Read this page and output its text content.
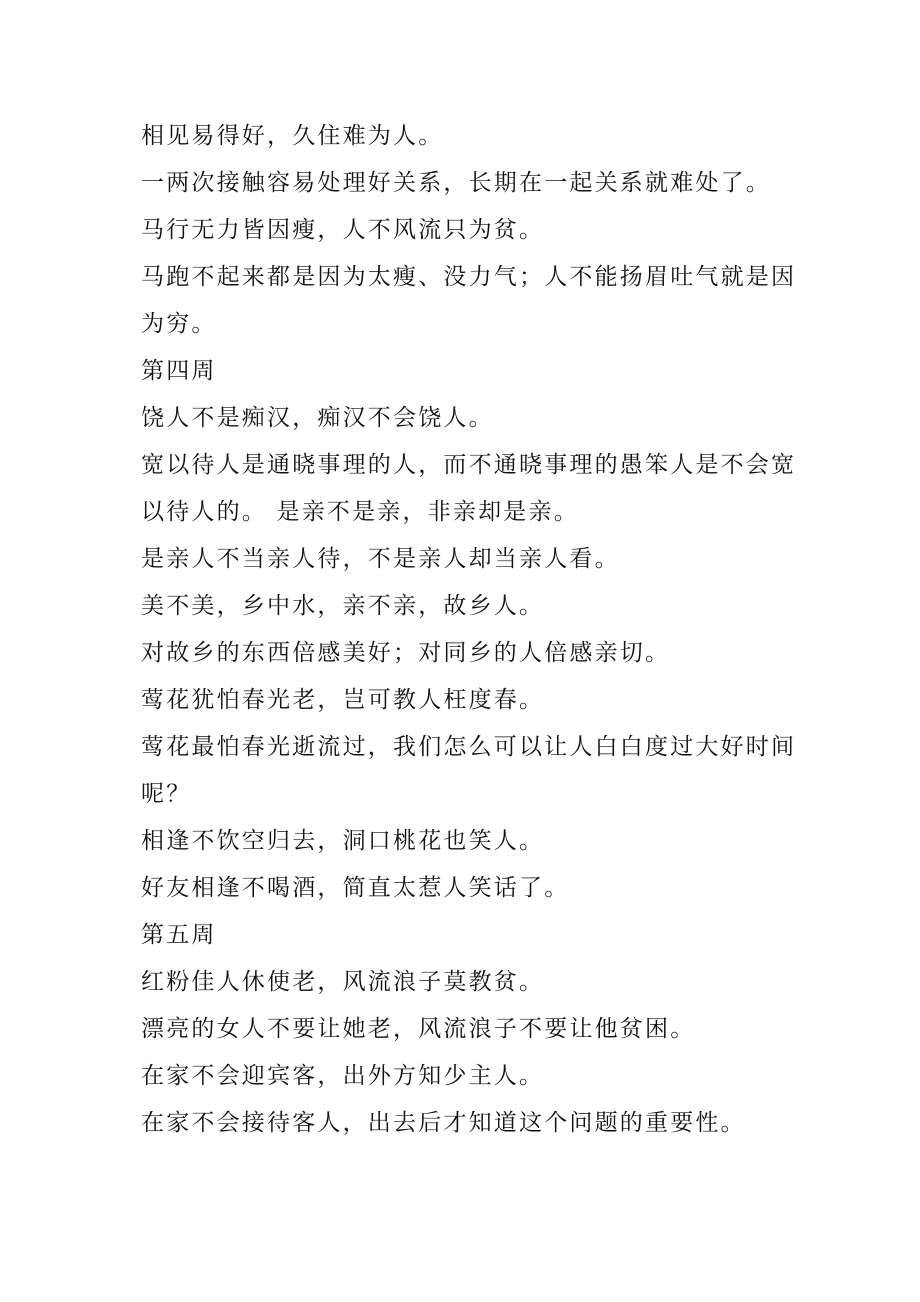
相见易得好，久住难为人。
一两次接触容易处理好关系，长期在一起关系就难处了。
马行无力皆因瘦，人不风流只为贫。
马跑不起来都是因为太瘦、没力气；人不能扬眉吐气就是因
为穷。
第四周
饶人不是痴汉，痴汉不会饶人。
宽以待人是通晓事理的人，而不通晓事理的愚笨人是不会宽
以待人的。 是亲不是亲，非亲却是亲。
是亲人不当亲人待，不是亲人却当亲人看。
美不美，乡中水，亲不亲，故乡人。
对故乡的东西倍感美好；对同乡的人倍感亲切。
莺花犹怕春光老，岂可教人枉度春。
莺花最怕春光逝流过，我们怎么可以让人白白度过大好时间
呢？
相逢不饮空归去，洞口桃花也笑人。
好友相逢不喝酒，简直太惹人笑话了。
第五周
红粉佳人休使老，风流浪子莫教贫。
漂亮的女人不要让她老，风流浪子不要让他贫困。
在家不会迎宾客，出外方知少主人。
在家不会接待客人，出去后才知道这个问题的重要性。
